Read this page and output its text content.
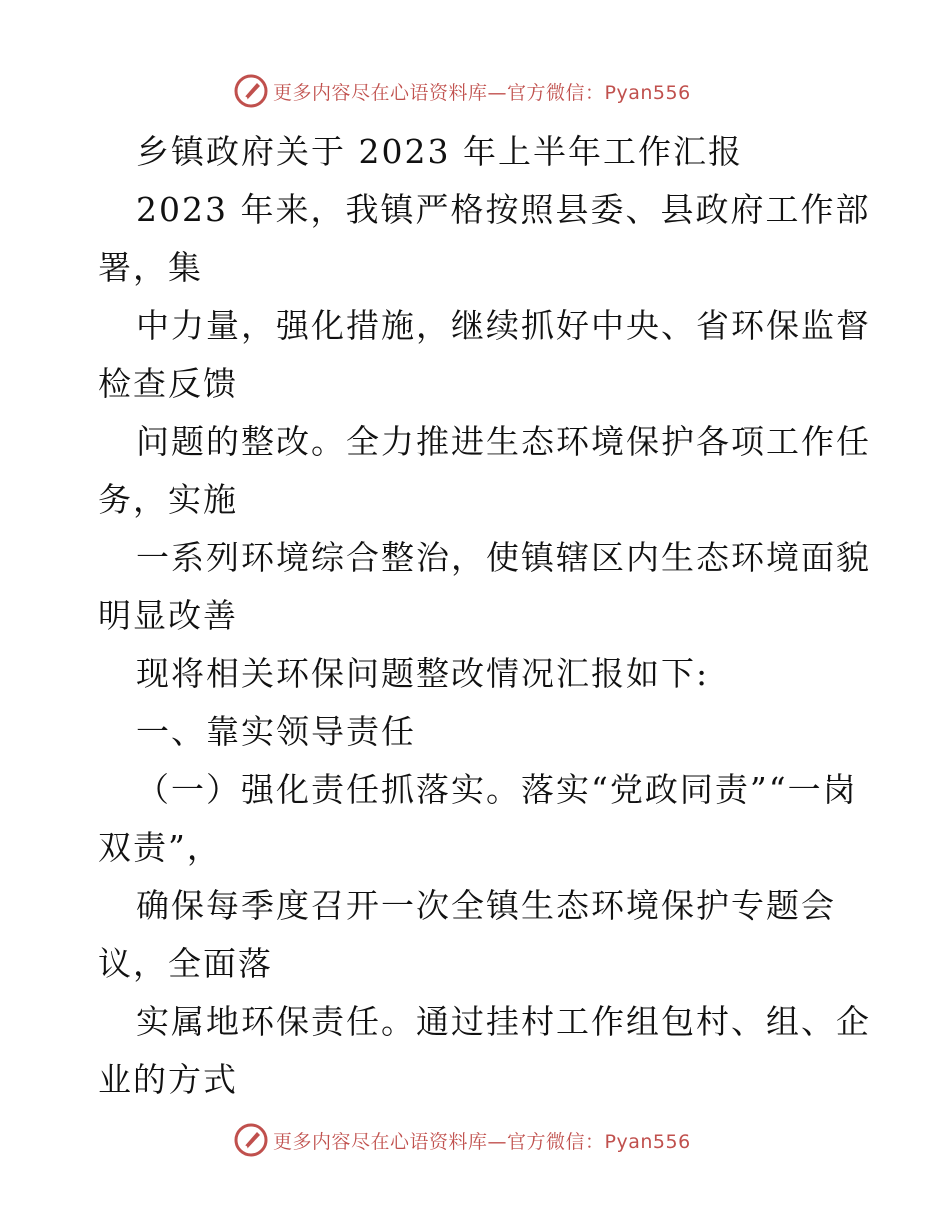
更多内容尽在心语资料库—官方微信：Pyan556

乡镇政府关于 2023 年上半年工作汇报

2023 年来，我镇严格按照县委、县政府工作部署，集

中力量，强化措施，继续抓好中央、省环保监督检查反馈

问题的整改。全力推进生态环境保护各项工作任务，实施

一系列环境综合整治，使镇辖区内生态环境面貌明显改善

现将相关环保问题整改情况汇报如下:

一、靠实领导责任

（一）强化责任抓落实。落实“党政同责”“一岗双责”，

确保每季度召开一次全镇生态环境保护专题会议，全面落

实属地环保责任。通过挂村工作组包村、组、企业的方式

更多内容尽在心语资料库—官方微信：Pyan556
